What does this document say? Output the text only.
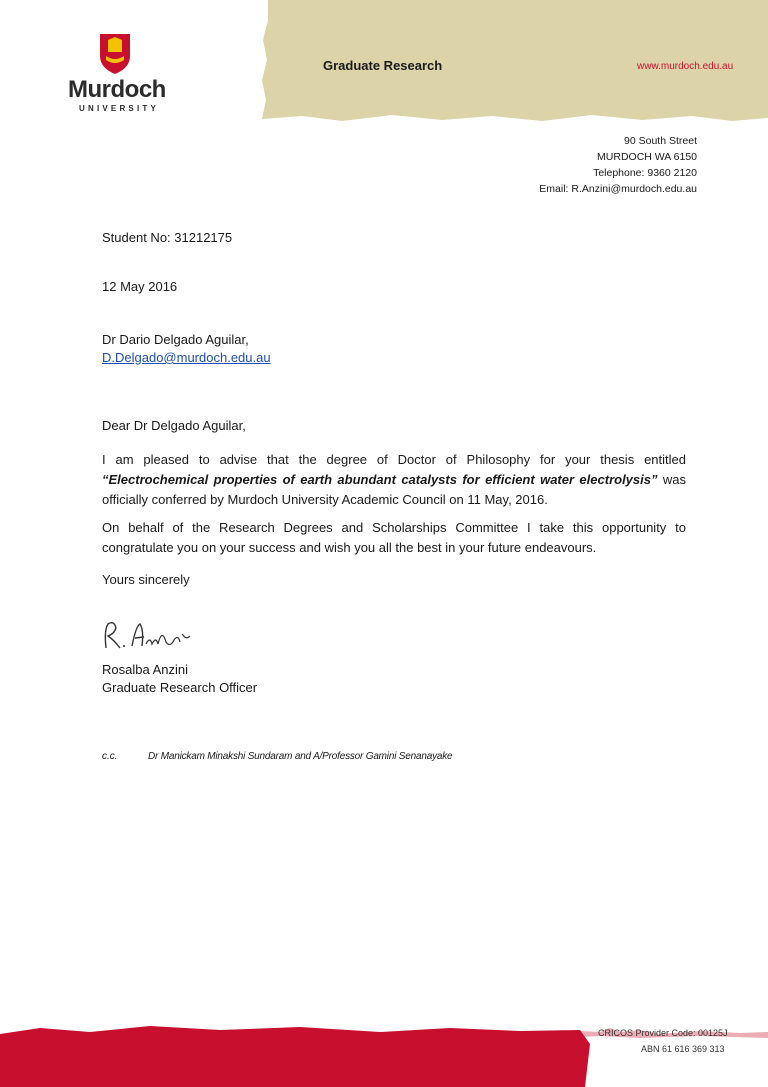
Murdoch
UNIVERSITY
Graduate Research	www.murdoch.edu.au
90 South Street
MURDOCH WA 6150
Telephone: 9360 2120
Email: R.Anzini@murdoch.edu.au
Student No: 31212175
12 May 2016
Dr Dario Delgado Aguilar,
D.Delgado@murdoch.edu.au
Dear Dr Delgado Aguilar,
I am pleased to advise that the degree of Doctor of Philosophy for your thesis entitled “Electrochemical properties of earth abundant catalysts for efficient water electrolysis” was officially conferred by Murdoch University Academic Council on 11 May, 2016.
On behalf of the Research Degrees and Scholarships Committee I take this opportunity to congratulate you on your success and wish you all the best in your future endeavours.
Yours sincerely
Rosalba Anzini
Graduate Research Officer
c.c.	Dr Manickam Minakshi Sundaram and A/Professor Gamini Senanayake
CRICOS Provider Code: 00125J
ABN 61 616 369 313
